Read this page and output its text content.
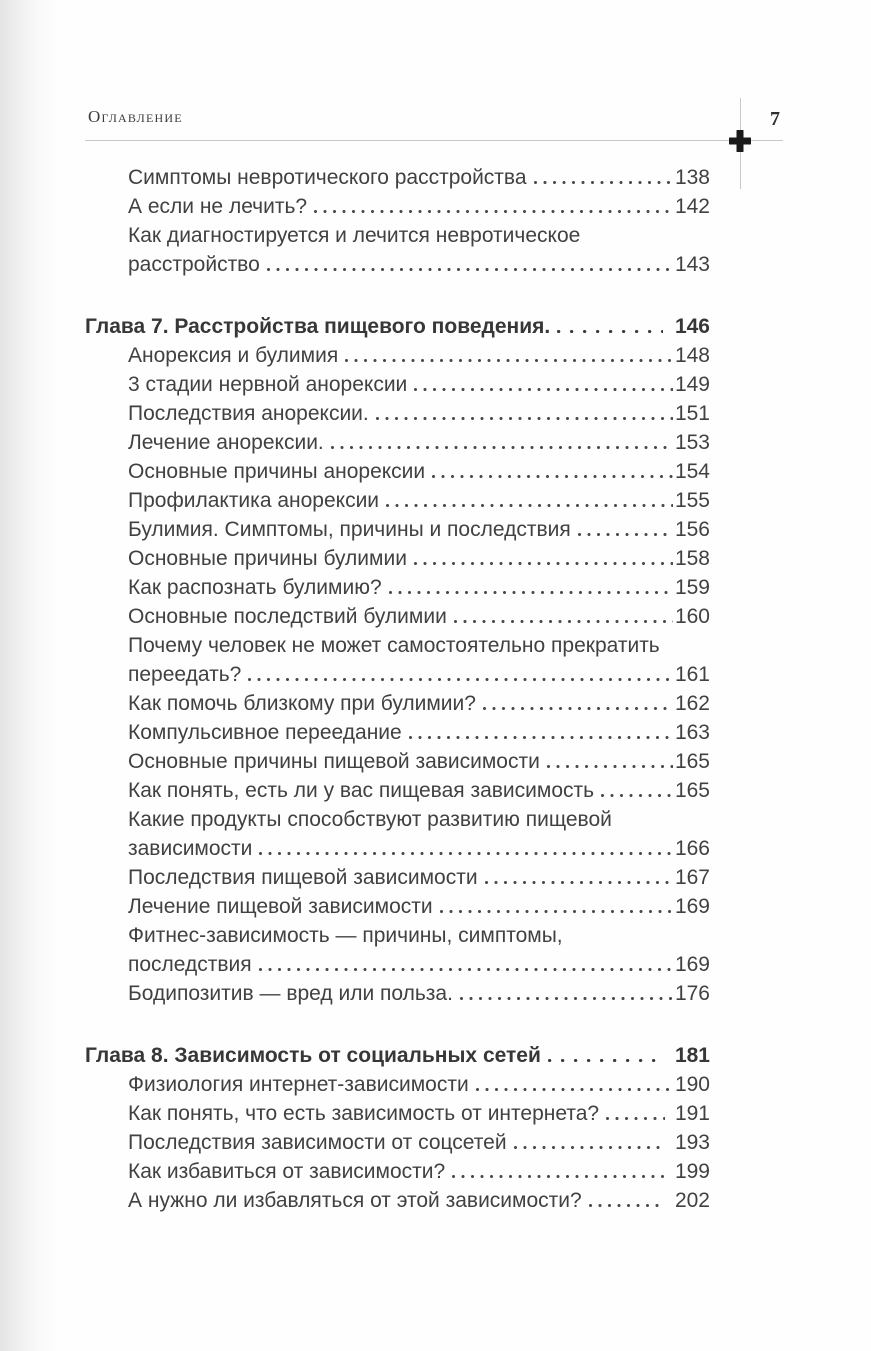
Оглавление	7
Симптомы невротического расстройства	138
А если не лечить?	142
Как диагностируется и лечится невротическое
расстройство	143
Глава 7. Расстройства пищевого поведения.	146
Анорексия и булимия	148
3 стадии нервной анорексии	149
Последствия анорексии.	151
Лечение анорексии.	153
Основные причины анорексии	154
Профилактика анорексии	155
Булимия. Симптомы, причины и последствия	156
Основные причины булимии	158
Как распознать булимию?	159
Основные последствий булимии	160
Почему человек не может самостоятельно прекратить
переедать?	161
Как помочь близкому при булимии?	162
Компульсивное переедание	163
Основные причины пищевой зависимости	165
Как понять, есть ли у вас пищевая зависимость	165
Какие продукты способствуют развитию пищевой
зависимости	166
Последствия пищевой зависимости	167
Лечение пищевой зависимости	169
Фитнес-зависимость — причины, симптомы,
последствия	169
Бодипозитив — вред или польза.	176
Глава 8. Зависимость от социальных сетей	181
Физиология интернет-зависимости	190
Как понять, что есть зависимость от интернета?	191
Последствия зависимости от соцсетей	193
Как избавиться от зависимости?	199
А нужно ли избавляться от этой зависимости?	202
